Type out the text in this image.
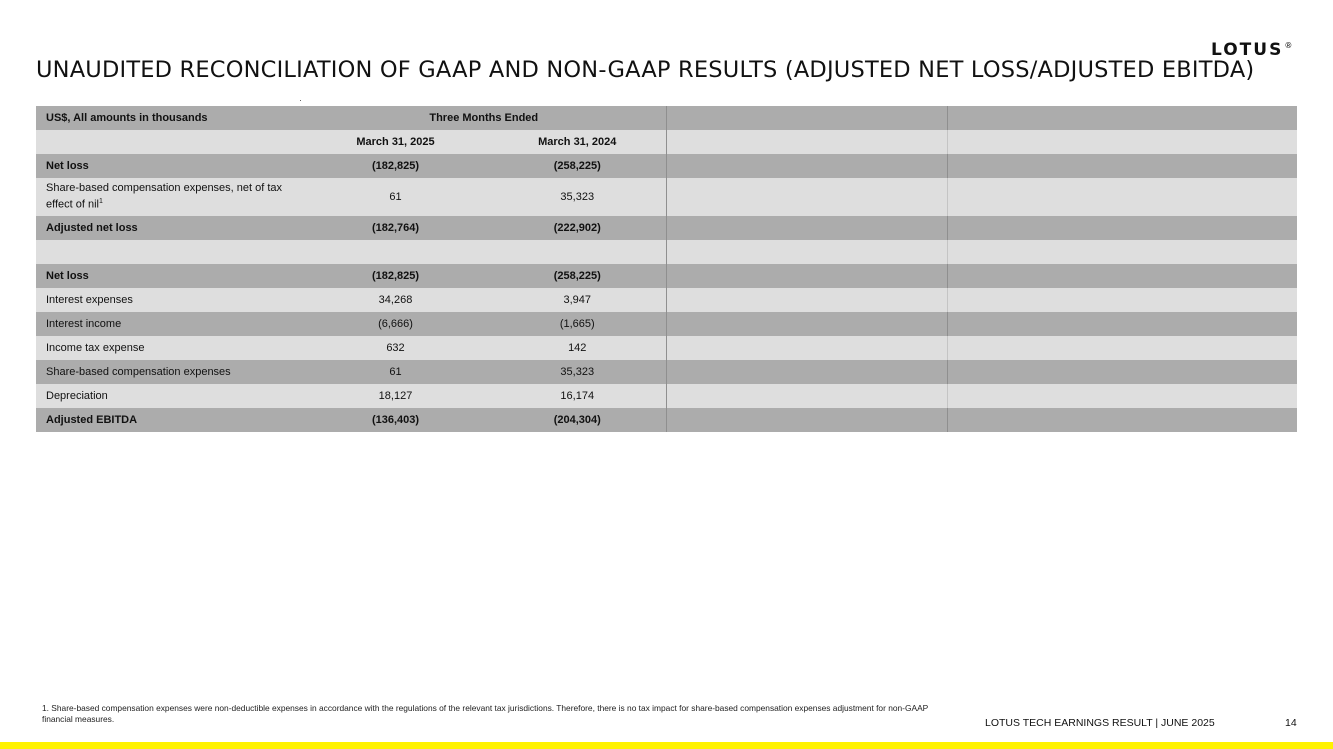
LOTUS®
UNAUDITED RECONCILIATION OF GAAP AND NON-GAAP RESULTS (ADJUSTED NET LOSS/ADJUSTED EBITDA)
US$, All amounts in thousands	Three Months Ended			
	March 31, 2025	March 31, 2024		
Net loss	(182,825)	(258,225)		
Share-based compensation expenses, net of tax effect of nil$^1$	61	35,323		
Adjusted net loss	(182,764)	(222,902)		

Net loss	(182,825)	(258,225)		
Interest expenses	34,268	3,947		
Interest income	(6,666)	(1,665)		
Income tax expense	632	142		
Share-based compensation expenses	61	35,323		
Depreciation	18,127	16,174		
Adjusted EBITDA	(136,403)	(204,304)		
1. Share-based compensation expenses were non-deductible expenses in accordance with the regulations of the relevant tax jurisdictions. Therefore, there is no tax impact for share-based compensation expenses adjustment for non-GAAP financial measures.	LOTUS TECH EARNINGS RESULT | JUNE 2025	14
